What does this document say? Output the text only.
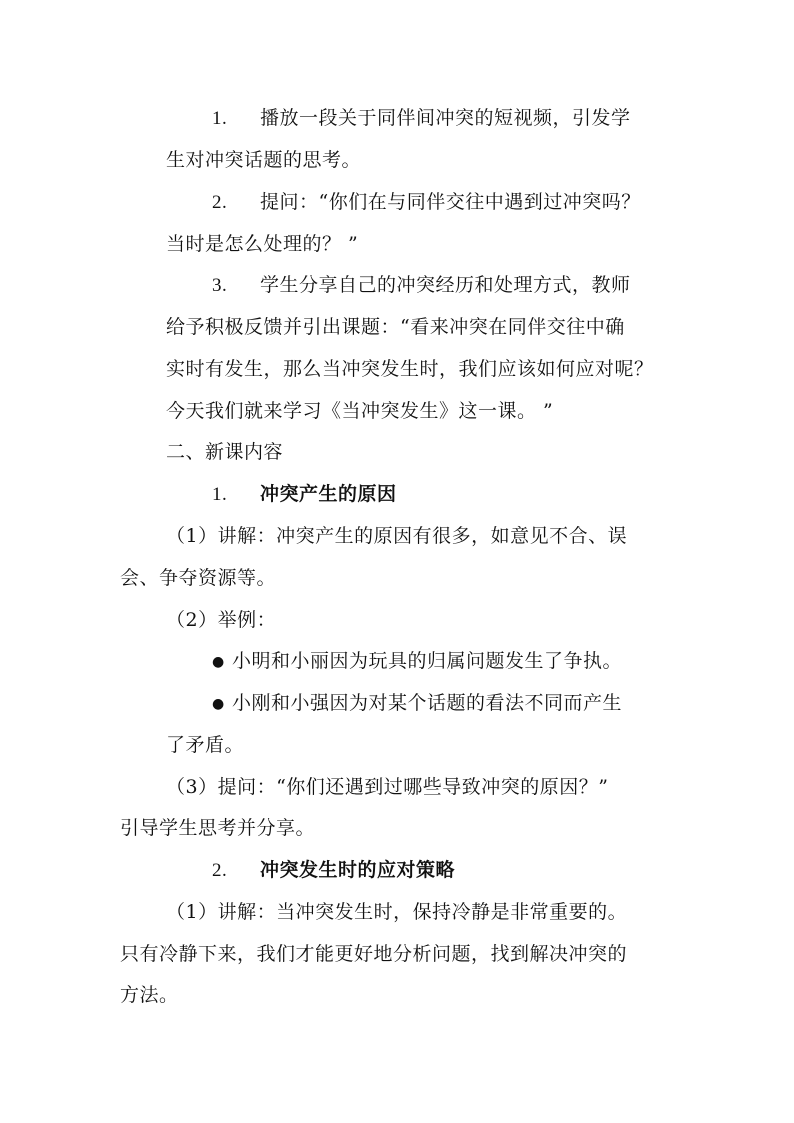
1. 播放一段关于同伴间冲突的短视频，引发学
生对冲突话题的思考。
2. 提问：“你们在与同伴交往中遇到过冲突吗？
当时是怎么处理的？ ”
3. 学生分享自己的冲突经历和处理方式，教师
给予积极反馈并引出课题：“看来冲突在同伴交往中确
实时有发生，那么当冲突发生时，我们应该如何应对呢？
今天我们就来学习《当冲突发生》这一课。 ”
二、新课内容
1. 冲突产生的原因
（1）讲解：冲突产生的原因有很多，如意见不合、误
会、争夺资源等。
（2）举例：
● 小明和小丽因为玩具的归属问题发生了争执。
● 小刚和小强因为对某个话题的看法不同而产生
了矛盾。
（3）提问：“你们还遇到过哪些导致冲突的原因？”
引导学生思考并分享。
2. 冲突发生时的应对策略
（1）讲解：当冲突发生时，保持冷静是非常重要的。
只有冷静下来，我们才能更好地分析问题，找到解决冲突的
方法。
